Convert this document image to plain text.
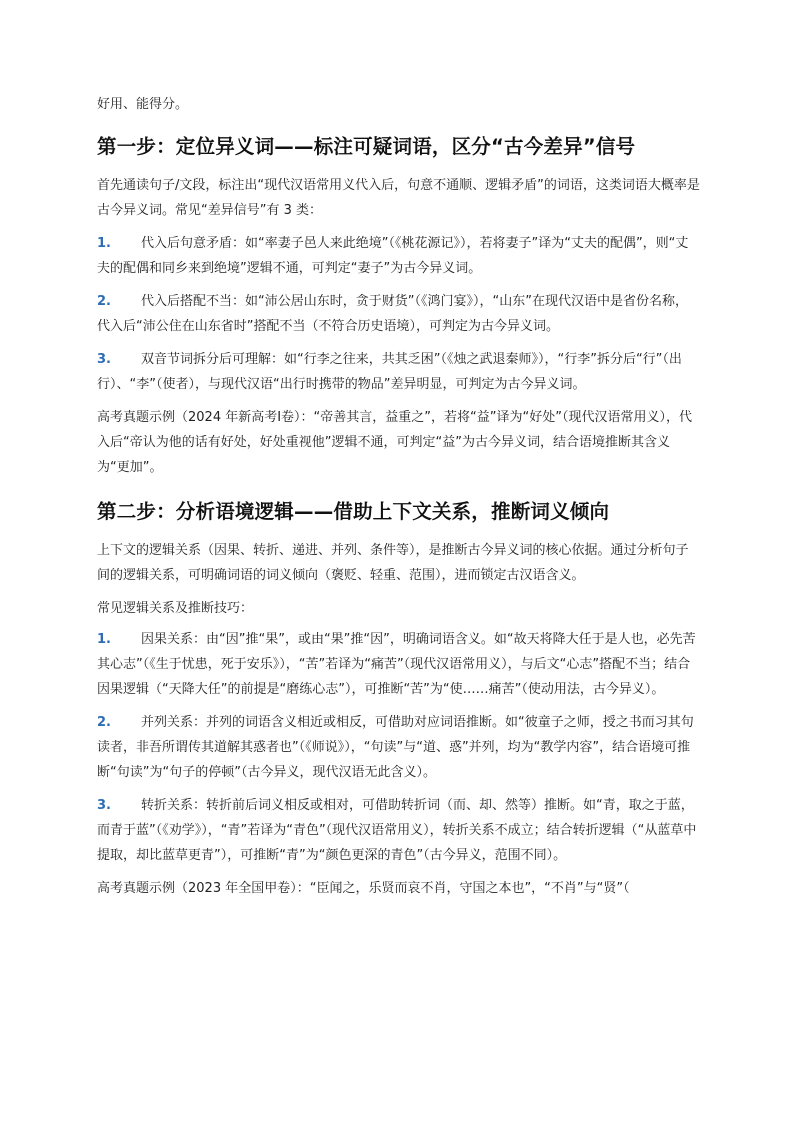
好用、能得分。

第一步：定位异义词——标注可疑词语，区分“古今差异”信号

首先通读句子/文段，标注出“现代汉语常用义代入后，句意不通顺、逻辑矛盾”的词语，这类词语大概率是古今异义词。常见“差异信号”有 3 类：

1. 代入后句意矛盾：如“率妻子邑人来此绝境”（《桃花源记》），若将妻子”译为“丈夫的配偶”，则“丈夫的配偶和同乡来到绝境”逻辑不通，可判定“妻子”为古今异义词。

2. 代入后搭配不当：如“沛公居山东时，贪于财货”（《鸿门宴》），“山东”在现代汉语中是省份名称，代入后“沛公住在山东省时”搭配不当（不符合历史语境），可判定为古今异义词。

3. 双音节词拆分后可理解：如“行李之往来，共其乏困”（《烛之武退秦师》），“行李”拆分后“行”（出行）、“李”（使者），与现代汉语“出行时携带的物品”差异明显，可判定为古今异义词。

高考真题示例（2024 年新高考Ⅰ卷）：“帝善其言，益重之”，若将“益”译为“好处”（现代汉语常用义），代入后“帝认为他的话有好处，好处重视他”逻辑不通，可判定“益”为古今异义词，结合语境推断其含义为“更加”。

第二步：分析语境逻辑——借助上下文关系，推断词义倾向

上下文的逻辑关系（因果、转折、递进、并列、条件等），是推断古今异义词的核心依据。通过分析句子间的逻辑关系，可明确词语的词义倾向（褒贬、轻重、范围），进而锁定古汉语含义。

常见逻辑关系及推断技巧：

1. 因果关系：由“因”推“果”，或由“果”推“因”，明确词语含义。如“故天将降大任于是人也，必先苦其心志”（《生于忧患，死于安乐》），“苦”若译为“痛苦”（现代汉语常用义），与后文“心志”搭配不当；结合因果逻辑（“天降大任”的前提是“磨练心志”），可推断“苦”为“使……痛苦”（使动用法，古今异义）。

2. 并列关系：并列的词语含义相近或相反，可借助对应词语推断。如“彼童子之师，授之书而习其句读者，非吾所谓传其道解其惑者也”（《师说》），“句读”与“道、惑”并列，均为“教学内容”，结合语境可推断“句读”为“句子的停顿”（古今异义，现代汉语无此含义）。

3. 转折关系：转折前后词义相反或相对，可借助转折词（而、却、然等）推断。如“青，取之于蓝，而青于蓝”（《劝学》），“青”若译为“青色”（现代汉语常用义），转折关系不成立；结合转折逻辑（“从蓝草中提取，却比蓝草更青”），可推断“青”为“颜色更深的青色”（古今异义，范围不同）。

高考真题示例（2023 年全国甲卷）：“臣闻之，乐贤而哀不肖，守国之本也”，“不肖”与“贤”（
